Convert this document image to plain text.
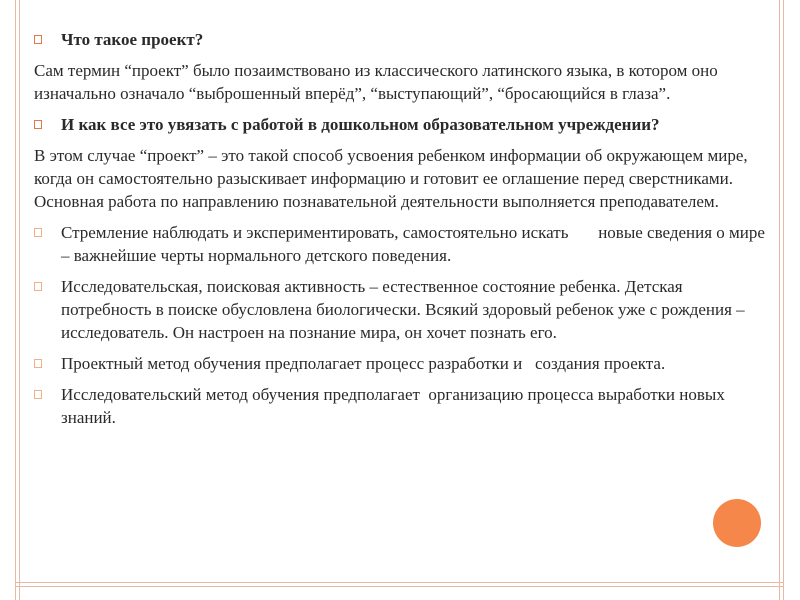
Что такое проект?

Сам термин “проект” было позаимствовано из классического латинского языка, в котором оно изначально означало “выброшенный вперёд”, “выступающий”, “бросающийся в глаза”.

И как все это увязать с работой в дошкольном образовательном учреждении?

В этом случае “проект” – это такой способ усвоения ребенком информации об окружающем мире, когда он самостоятельно разыскивает информацию и готовит ее оглашение перед сверстниками. Основная работа по направлению познавательной деятельности выполняется преподавателем.

Стремление наблюдать и экспериментировать, самостоятельно искать       новые сведения о мире – важнейшие черты нормального детского поведения.
Исследовательская, поисковая активность – естественное состояние ребенка. Детская потребность в поиске обусловлена биологически. Всякий здоровый ребенок уже с рождения – исследователь. Он настроен на познание мира, он хочет познать его.
Проектный метод обучения предполагает процесс разработки и   создания проекта.
Исследовательский метод обучения предполагает  организацию процесса выработки новых знаний.
